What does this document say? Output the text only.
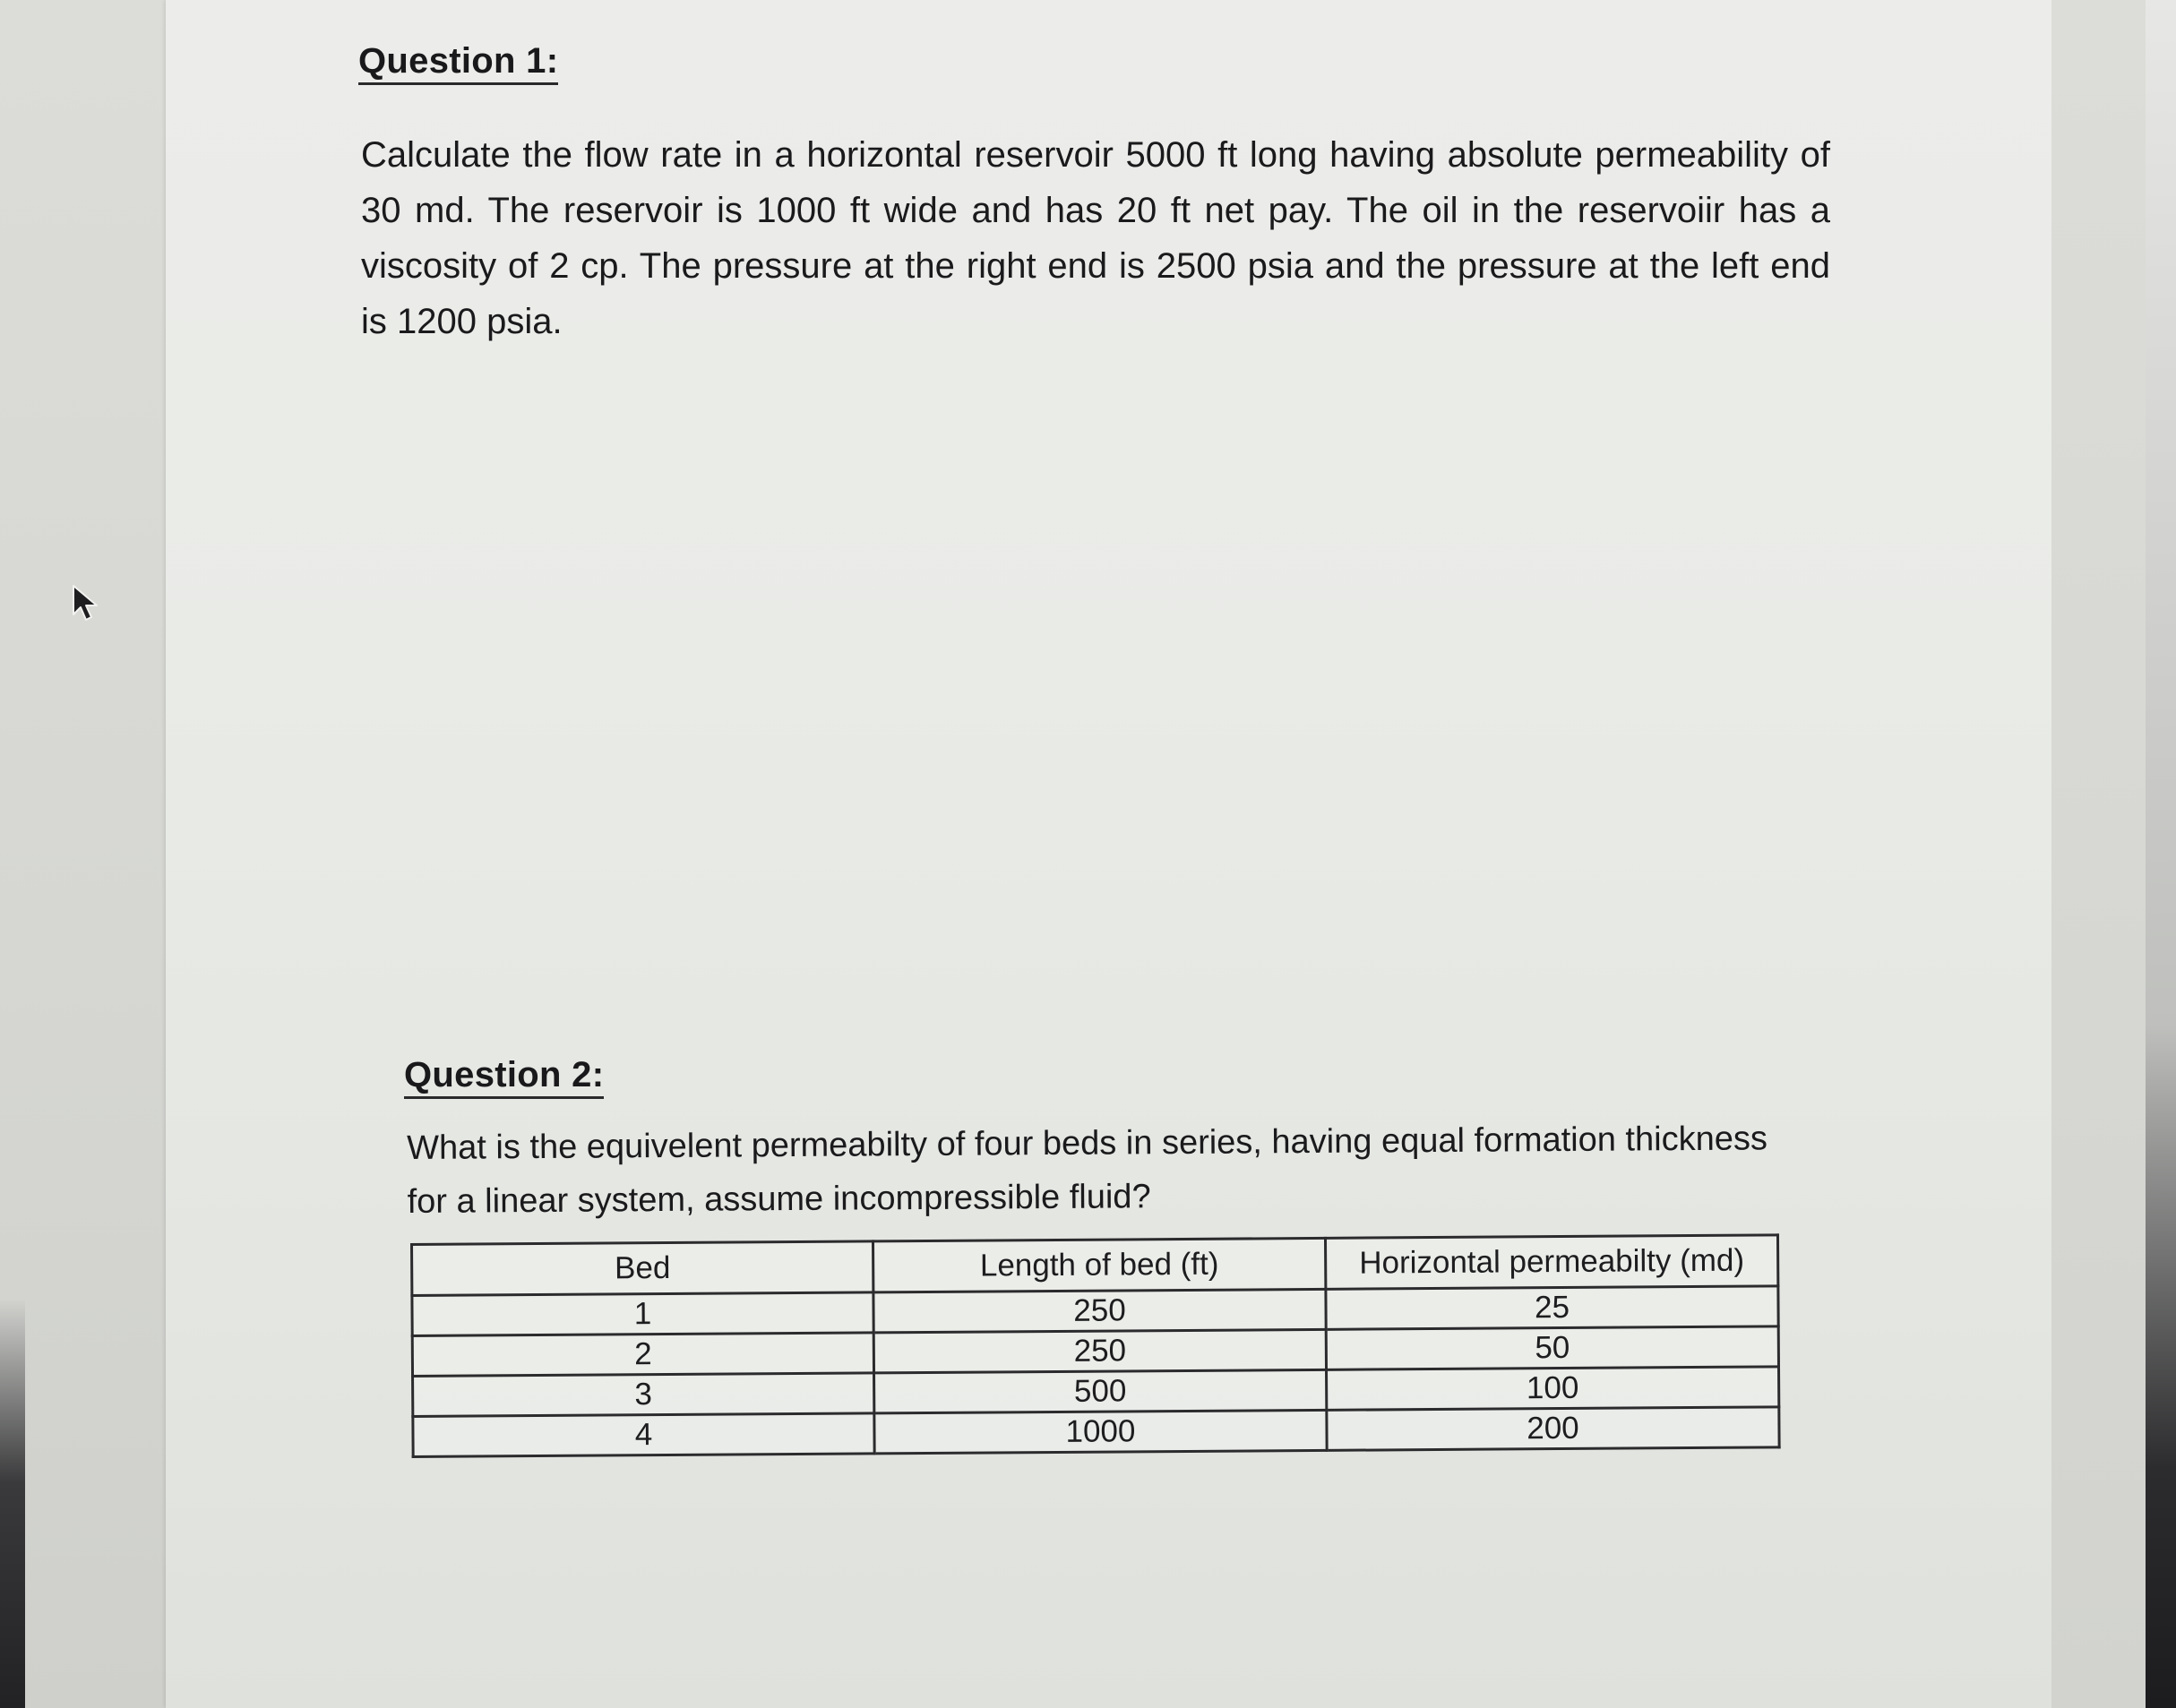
Question 1:
Calculate the flow rate in a horizontal reservoir 5000 ft long having absolute permeability of 30 md. The reservoir is 1000 ft wide and has 20 ft net pay. The oil in the reservoiir has a viscosity of 2 cp. The pressure at the right end is 2500 psia and the pressure at the left end is 1200 psia.
Question 2:
What is the equivelent permeabilty of four beds in series, having equal formation thickness for a linear system, assume incompressible fluid?
Bed	Length of bed (ft)	Horizontal permeabilty (md)
1	250	25
2	250	50
3	500	100
4	1000	200
